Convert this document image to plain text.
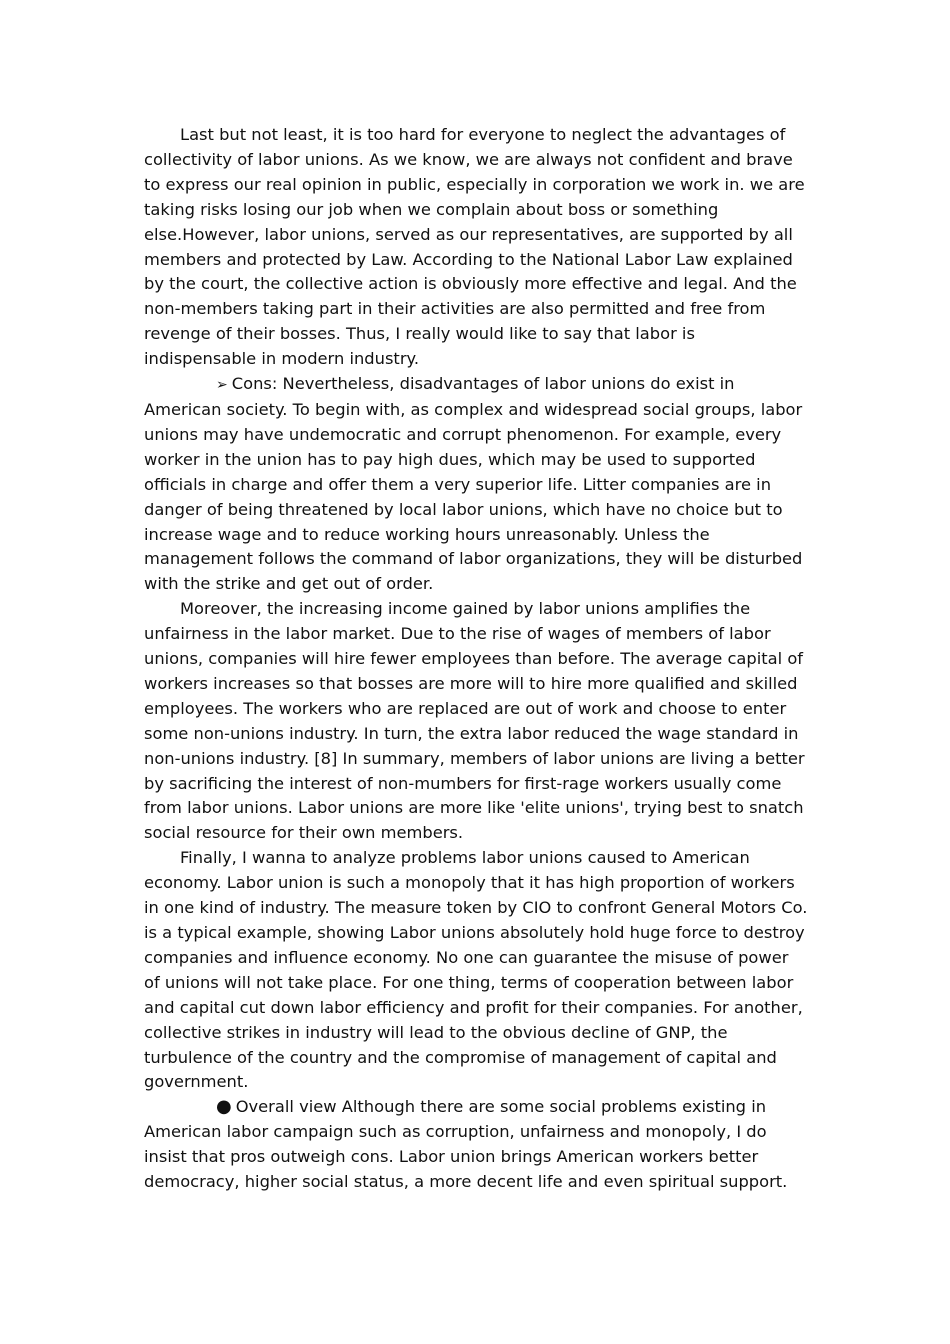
Last but not least, it is too hard for everyone to neglect the advantages of collectivity of labor unions. As we know, we are always not confident and brave to express our real opinion in public, especially in corporation we work in. we are taking risks losing our job when we complain about boss or something else.However, labor unions, served as our representatives, are supported by all members and protected by Law. According to the National Labor Law explained by the court, the collective action is obviously more effective and legal. And the non-members taking part in their activities are also permitted and free from revenge of their bosses. Thus, I really would like to say that labor is indispensable in modern industry.

➢ Cons: Nevertheless, disadvantages of labor unions do exist in American society. To begin with, as complex and widespread social groups, labor unions may have undemocratic and corrupt phenomenon. For example, every worker in the union has to pay high dues, which may be used to supported officials in charge and offer them a very superior life. Litter companies are in danger of being threatened by local labor unions, which have no choice but to increase wage and to reduce working hours unreasonably. Unless the management follows the command of labor organizations, they will be disturbed with the strike and get out of order.

Moreover, the increasing income gained by labor unions amplifies the unfairness in the labor market. Due to the rise of wages of members of labor unions, companies will hire fewer employees than before. The average capital of workers increases so that bosses are more will to hire more qualified and skilled employees. The workers who are replaced are out of work and choose to enter some non-unions industry. In turn, the extra labor reduced the wage standard in non-unions industry. [8] In summary, members of labor unions are living a better by sacrificing the interest of non-mumbers for first-rage workers usually come from labor unions. Labor unions are more like 'elite unions', trying best to snatch social resource for their own members.

Finally, I wanna to analyze problems labor unions caused to American economy. Labor union is such a monopoly that it has high proportion of workers in one kind of industry. The measure token by CIO to confront General Motors Co. is a typical example, showing Labor unions absolutely hold huge force to destroy companies and influence economy. No one can guarantee the misuse of power of unions will not take place. For one thing, terms of cooperation between labor and capital cut down labor efficiency and profit for their companies. For another, collective strikes in industry will lead to the obvious decline of GNP, the turbulence of the country and the compromise of management of capital and government.

● Overall view Although there are some social problems existing in American labor campaign such as corruption, unfairness and monopoly, I do insist that pros outweigh cons. Labor union brings American workers better democracy, higher social status, a more decent life and even spiritual support.
